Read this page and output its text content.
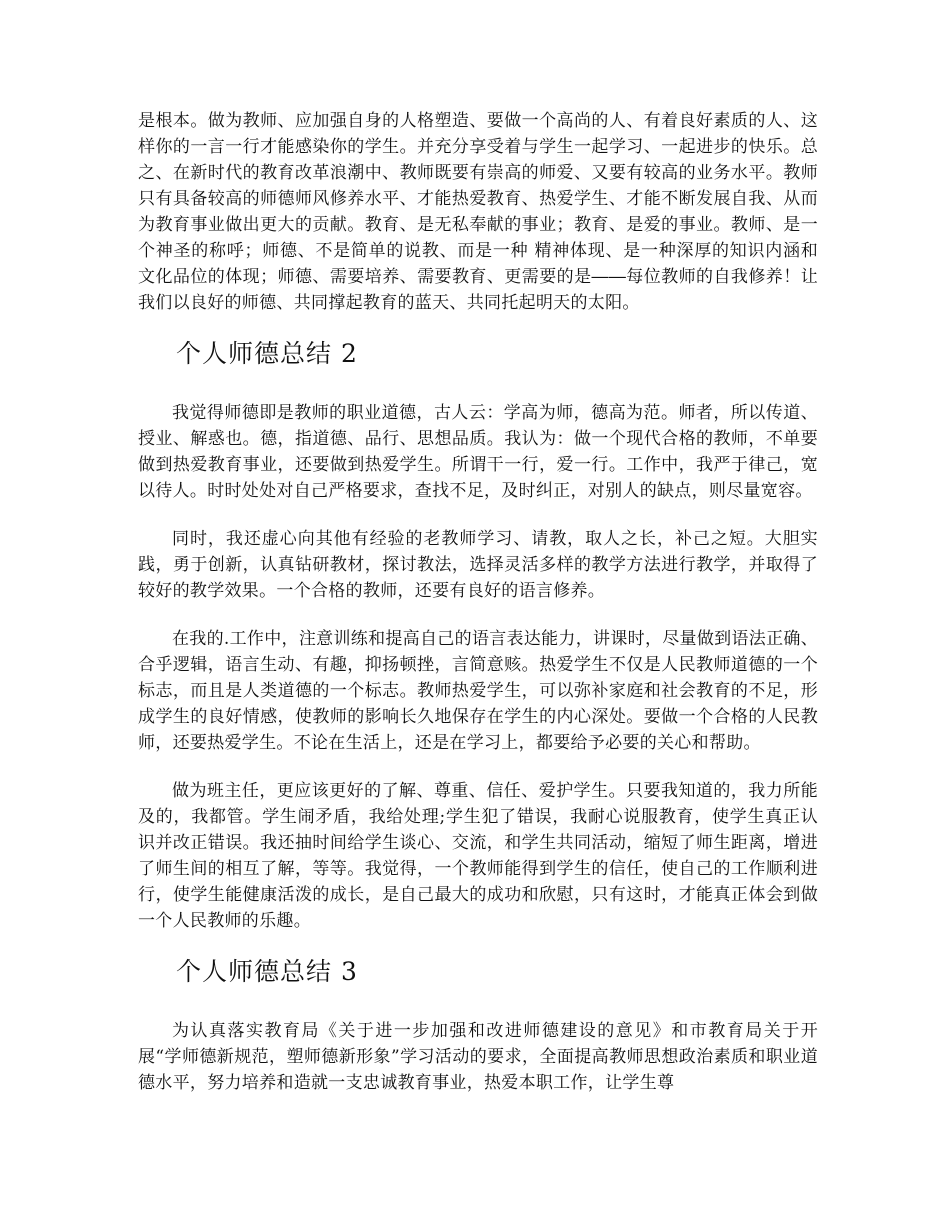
是根本。做为教师、应加强自身的人格塑造、要做一个高尚的人、有着良好素质的人、这样你的一言一行才能感染你的学生。并充分享受着与学生一起学习、一起进步的快乐。总之、在新时代的教育改革浪潮中、教师既要有崇高的师爱、又要有较高的业务水平。教师只有具备较高的师德师风修养水平、才能热爱教育、热爱学生、才能不断发展自我、从而为教育事业做出更大的贡献。教育、是无私奉献的事业；教育、是爱的事业。教师、是一个神圣的称呼；师德、不是简单的说教、而是一种 精神体现、是一种深厚的知识内涵和文化品位的体现；师德、需要培养、需要教育、更需要的是――每位教师的自我修养！让我们以良好的师德、共同撑起教育的蓝天、共同托起明天的太阳。

个人师德总结 2

我觉得师德即是教师的职业道德，古人云：学高为师，德高为范。师者，所以传道、授业、解惑也。德，指道德、品行、思想品质。我认为：做一个现代合格的教师，不单要做到热爱教育事业，还要做到热爱学生。所谓干一行，爱一行。工作中，我严于律己，宽以待人。时时处处对自己严格要求，查找不足，及时纠正，对别人的缺点，则尽量宽容。

同时，我还虚心向其他有经验的老教师学习、请教，取人之长，补己之短。大胆实践，勇于创新，认真钻研教材，探讨教法，选择灵活多样的教学方法进行教学，并取得了较好的教学效果。一个合格的教师，还要有良好的语言修养。

在我的.工作中，注意训练和提高自己的语言表达能力，讲课时，尽量做到语法正确、合乎逻辑，语言生动、有趣，抑扬顿挫，言简意赅。热爱学生不仅是人民教师道德的一个标志，而且是人类道德的一个标志。教师热爱学生，可以弥补家庭和社会教育的不足，形成学生的良好情感，使教师的影响长久地保存在学生的内心深处。要做一个合格的人民教师，还要热爱学生。不论在生活上，还是在学习上，都要给予必要的关心和帮助。

做为班主任，更应该更好的了解、尊重、信任、爱护学生。只要我知道的，我力所能及的，我都管。学生闹矛盾，我给处理;学生犯了错误，我耐心说服教育，使学生真正认识并改正错误。我还抽时间给学生谈心、交流，和学生共同活动，缩短了师生距离，增进了师生间的相互了解，等等。我觉得，一个教师能得到学生的信任，使自己的工作顺利进行，使学生能健康活泼的成长，是自己最大的成功和欣慰，只有这时，才能真正体会到做一个人民教师的乐趣。

个人师德总结 3

为认真落实教育局《关于进一步加强和改进师德建设的意见》和市教育局关于开展“学师德新规范，塑师德新形象”学习活动的要求，全面提高教师思想政治素质和职业道德水平，努力培养和造就一支忠诚教育事业，热爱本职工作，让学生尊
